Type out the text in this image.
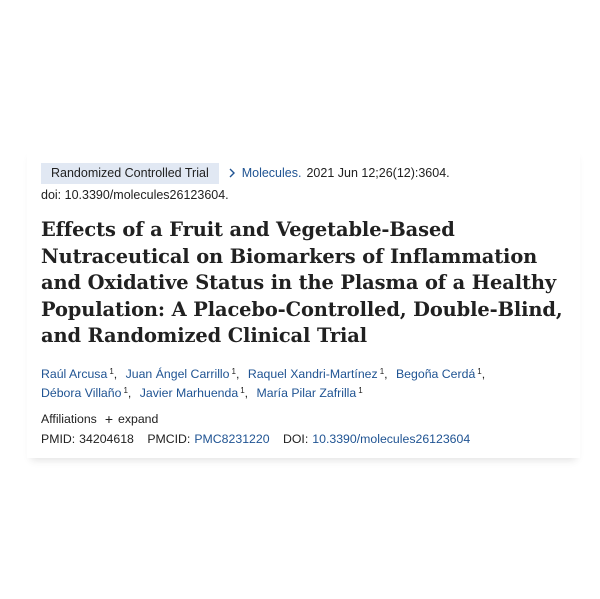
Randomized Controlled Trial	Molecules. 2021 Jun 12;26(12):3604.
doi: 10.3390/molecules26123604.
Effects of a Fruit and Vegetable-Based Nutraceutical on Biomarkers of Inflammation and Oxidative Status in the Plasma of a Healthy Population: A Placebo-Controlled, Double-Blind, and Randomized Clinical Trial
Raúl Arcusa $^1$, Juan Ángel Carrillo $^1$, Raquel Xandri-Martínez $^1$, Begoña Cerdá $^1$,
Débora Villaño $^1$, Javier Marhuenda $^1$, María Pilar Zafrilla $^1$
Affiliations + expand
PMID: 34204618 PMCID: PMC8231220 DOI: 10.3390/molecules26123604
